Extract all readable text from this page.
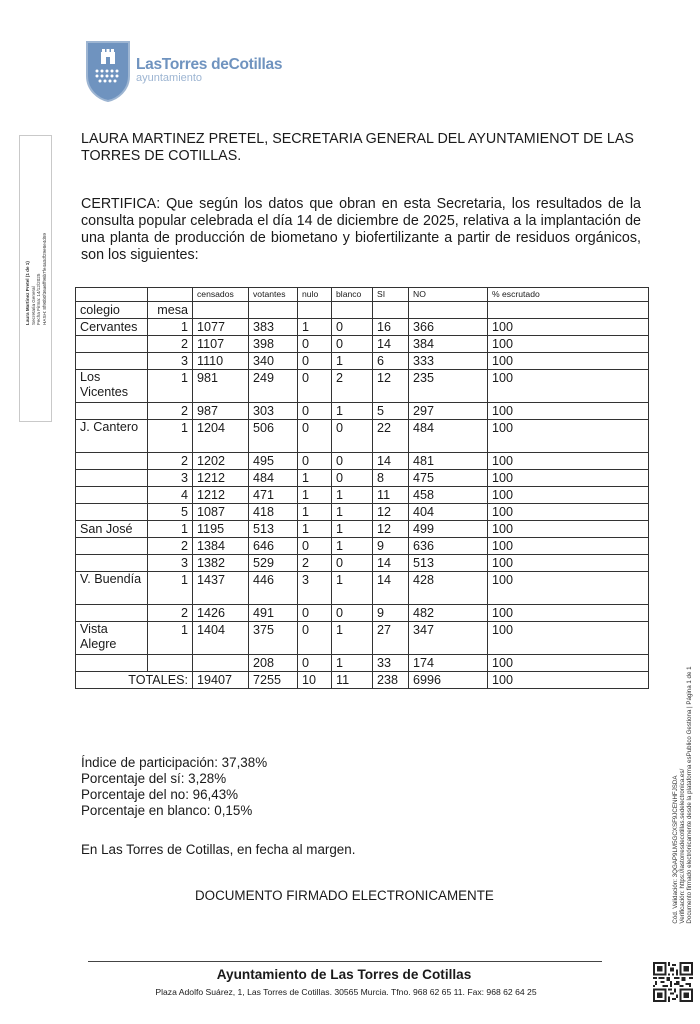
LasTorres deCotillas
ayuntamiento
Laura Martinez Pretel (1 de 1)
Secretaria General
Fecha Firma: 14/12/2025
HASH: 8f90b0f36a6ff96b7fe4a3df29e8e4d59
Cód. Validación: 3QGAP9LM5GCXSF9JCENHFJSDA
Verificación: https://lastorresdecotillas.sedelectronica.es/
Documento firmado electrónicamente desde la plataforma esPublico Gestiona | Página 1 de 1
LAURA MARTINEZ PRETEL, SECRETARIA GENERAL DEL AYUNTAMIENOT DE LAS TORRES DE COTILLAS.
CERTIFICA: Que según los datos que obran en esta Secretaria, los resultados de la consulta popular celebrada el día 14 de diciembre de 2025, relativa a la implantación de una planta de producción de biometano y biofertilizante a partir de residuos orgánicos, son los siguientes:
		censados	votantes	nulo	blanco	SI	NO	% escrutado
colegio	mesa							
Cervantes	1	1077	383	1	0	16	366	100
	2	1107	398	0	0	14	384	100
	3	1110	340	0	1	6	333	100
Los Vicentes	1	981	249	0	2	12	235	100
	2	987	303	0	1	5	297	100
J. Cantero	1	1204	506	0	0	22	484	100
	2	1202	495	0	0	14	481	100
	3	1212	484	1	0	8	475	100
	4	1212	471	1	1	11	458	100
	5	1087	418	1	1	12	404	100
San José	1	1195	513	1	1	12	499	100
	2	1384	646	0	1	9	636	100
	3	1382	529	2	0	14	513	100
V. Buendía	1	1437	446	3	1	14	428	100
	2	1426	491	0	0	9	482	100
Vista Alegre	1	1404	375	0	1	27	347	100
			208	0	1	33	174	100
TOTALES:		19407	7255	10	11	238	6996	100
Índice de participación: 37,38%
Porcentaje del sí: 3,28%
Porcentaje del no: 96,43%
Porcentaje en blanco: 0,15%
En Las Torres de Cotillas, en fecha al margen.
DOCUMENTO FIRMADO ELECTRONICAMENTE
Ayuntamiento de Las Torres de Cotillas
Plaza Adolfo Suárez, 1, Las Torres de Cotillas. 30565 Murcia. Tfno. 968 62 65 11. Fax: 968 62 64 25
